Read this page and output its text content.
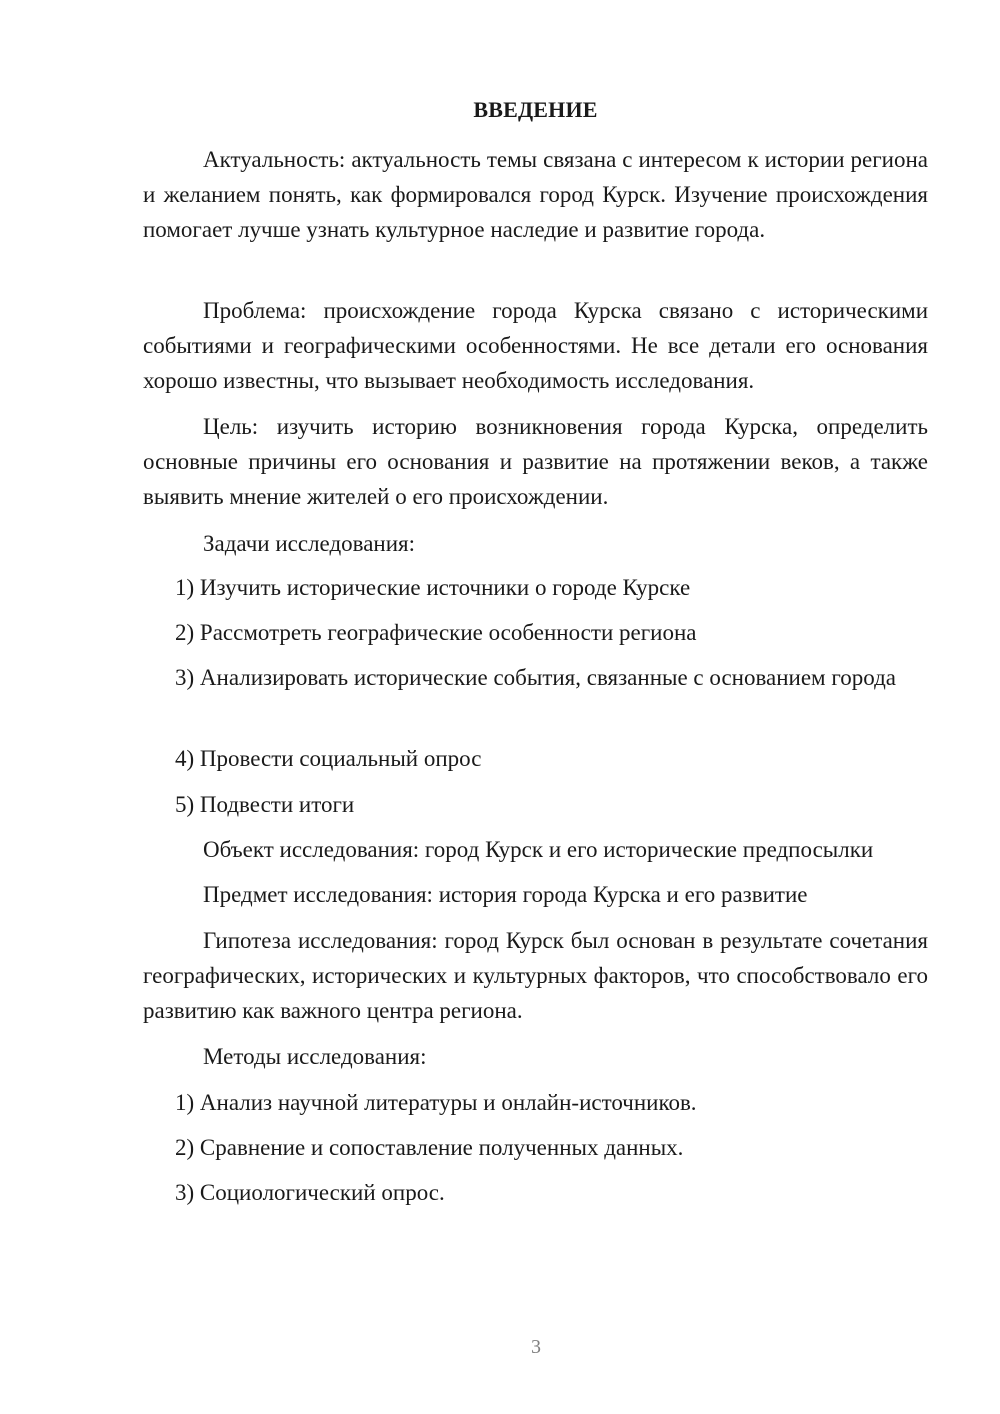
ВВЕДЕНИЕ

Актуальность: актуальность темы связана с интересом к истории региона и желанием понять, как формировался город Курск. Изучение происхождения помогает лучше узнать культурное наследие и развитие города.

Проблема: происхождение города Курска связано с историческими событиями и географическими особенностями. Не все детали его основания хорошо известны, что вызывает необходимость исследования.

Цель: изучить историю возникновения города Курска, определить основные причины его основания и развитие на протяжении веков, а также выявить мнение жителей о его происхождении.

Задачи исследования:
1) Изучить исторические источники о городе Курске
2) Рассмотреть географические особенности региона

3) Анализировать исторические события, связанные с основанием города

4) Провести социальный опрос
5) Подвести итоги
Объект исследования: город Курск и его исторические предпосылки
Предмет исследования: история города Курска и его развитие

Гипотеза исследования: город Курск был основан в результате сочетания географических, исторических и культурных факторов, что способствовало его развитию как важного центра региона.

Методы исследования:
1) Анализ научной литературы и онлайн-источников.
2) Сравнение и сопоставление полученных данных.
3) Социологический опрос.
3
